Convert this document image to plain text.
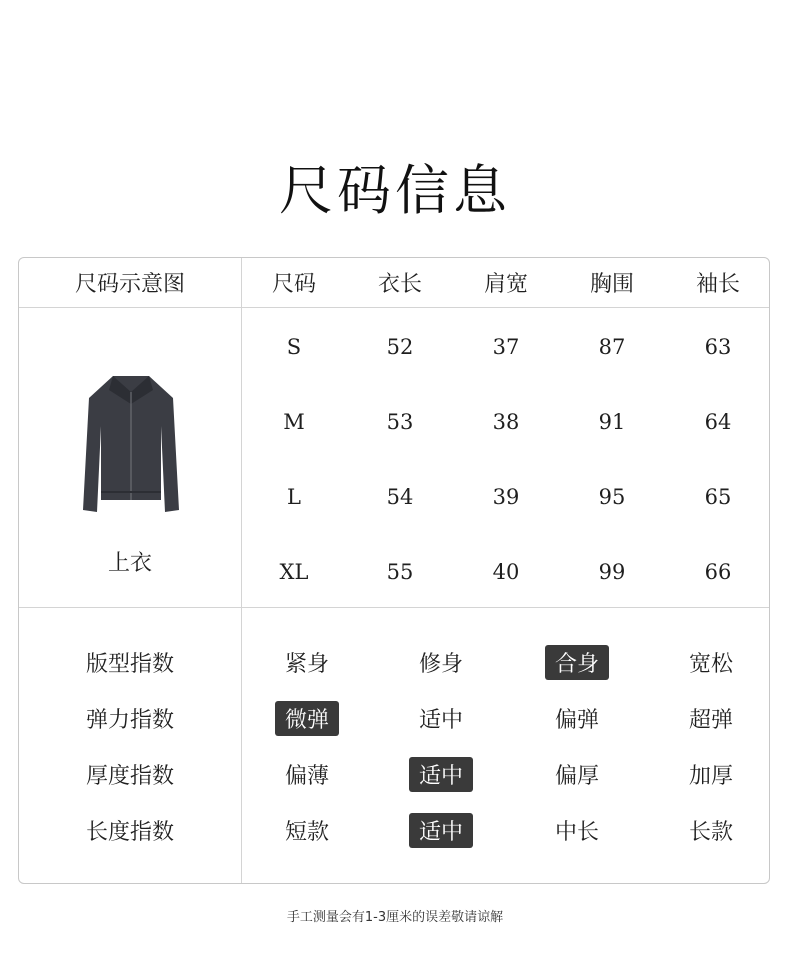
尺码信息
尺码示意图	尺码	衣长	肩宽	胸围	袖长
上衣
S	52	37	87	63
M	53	38	91	64
L	54	39	95	65
XL	55	40	99	66
版型指数	紧身	修身	合身	宽松
弹力指数	微弹	适中	偏弹	超弹
厚度指数	偏薄	适中	偏厚	加厚
长度指数	短款	适中	中长	长款
手工测量会有1-3厘米的误差敬请谅解
